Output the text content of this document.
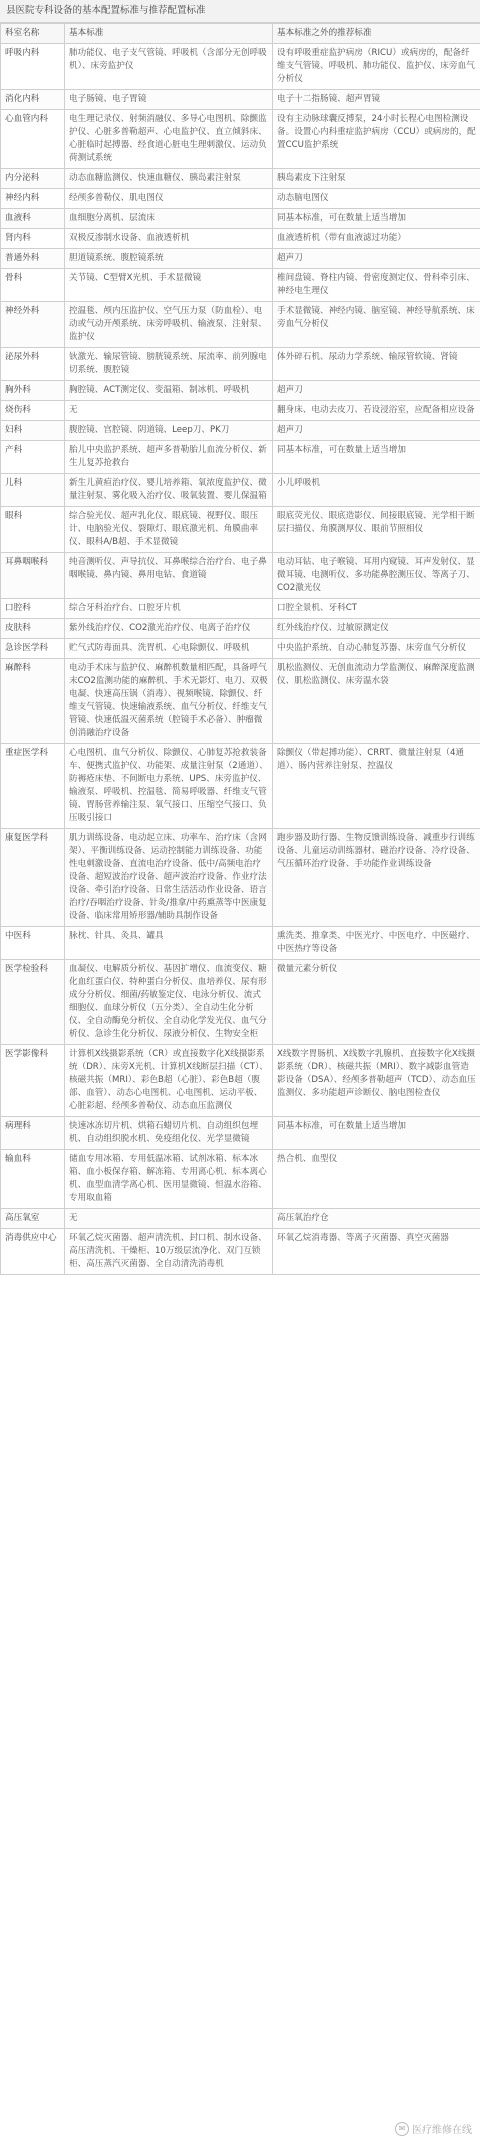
县医院专科设备的基本配置标准与推荐配置标准
科室名称	基本标准	基本标准之外的推荐标准
呼吸内科	肺功能仪、电子支气管镜、呼吸机（含部分无创呼吸机）、床旁监护仪	设有呼吸重症监护病房（RICU）或病房的，配备纤维支气管镜、呼吸机、肺功能仪、监护仪、床旁血气分析仪
消化内科	电子肠镜、电子胃镜	电子十二指肠镜、超声胃镜
心血管内科	电生理记录仪、射频消融仪、多导心电图机、除颤监护仪、心脏多普勒超声、心电监护仪、直立倾斜床、心脏临时起搏器、经食道心脏电生理刺激仪、运动负荷测试系统	设有主动脉球囊反搏泵，24小时长程心电图检测设备。设置心内科重症监护病房（CCU）或病房的，配置CCU监护系统
内分泌科	动态血糖监测仪、快速血糖仪、胰岛素注射泵	胰岛素皮下注射泵
神经内科	经颅多普勒仪、肌电图仪	动态脑电图仪
血液科	血细胞分离机、层流床	同基本标准，可在数量上适当增加
肾内科	双极反渗制水设备、血液透析机	血液透析机（带有血液滤过功能）
普通外科	胆道镜系统、腹腔镜系统	超声刀
骨科	关节镜、C型臂X光机、手术显微镜	椎间盘镜、脊柱内镜、骨密度测定仪、骨科牵引床、神经电生理仪
神经外科	控温毯、颅内压监护仪、空气压力泵（防血栓）、电动或气动开颅系统、床旁呼吸机、输液泵、注射泵、监护仪	手术显微镜、神经内镜、脑室镜、神经导航系统、床旁血气分析仪
泌尿外科	钬激光、输尿管镜、膀胱镜系统、尿流率、前列腺电切系统、腹腔镜	体外碎石机、尿动力学系统、输尿管软镜、肾镜
胸外科	胸腔镜、ACT测定仪、变温箱、制冰机、呼吸机	超声刀
烧伤科	无	翻身床、电动去皮刀、若设浸浴室，应配备相应设备
妇科	腹腔镜、宫腔镜、阴道镜、Leep刀、PK刀	超声刀
产科	胎儿中央监护系统、超声多普勒胎儿血流分析仪、新生儿复苏抢救台	同基本标准，可在数量上适当增加
儿科	新生儿黄疸治疗仪、婴儿培养箱、氧浓度监护仪、微量注射泵、雾化吸入治疗仪、吸氧装置、婴儿保温箱	小儿呼吸机
眼科	综合验光仪、超声乳化仪、眼底镜、视野仪、眼压计、电脑验光仪、裂隙灯、眼底激光机、角膜曲率仪、眼科A/B超、手术显微镜	眼底荧光仪、眼底造影仪、间接眼底镜、光学相干断层扫描仪、角膜测厚仪、眼前节照相仪
耳鼻咽喉科	纯音测听仪、声导抗仪、耳鼻喉综合治疗台、电子鼻咽喉镜、鼻内镜、鼻用电钻、食道镜	电动耳钻、电子喉镜、耳用内窥镜、耳声发射仪、显微耳镜、电测听仪、多功能鼻腔测压仪、等离子刀、CO2激光仪
口腔科	综合牙科治疗台、口腔牙片机	口腔全景机、牙科CT
皮肤科	紫外线治疗仪、CO2激光治疗仪、电离子治疗仪	红外线治疗仪、过敏原测定仪
急诊医学科	贮气式防毒面具、洗胃机、心电除颤仪、呼吸机	中央监护系统、自动心肺复苏器、床旁血气分析仪
麻醉科	电动手术床与监护仪、麻醉机数量相匹配，具备呼气末CO2监测功能的麻醉机、手术无影灯、电刀、双极电凝、快速高压锅（消毒）、视频喉镜、除颤仪、纤维支气管镜、快速输液系统、血气分析仪、纤维支气管镜、快速低温灭菌系统（腔镜手术必备）、肿瘤微创消融治疗设备	肌松监测仪、无创血流动力学监测仪、麻醉深度监测仪、肌松监测仪、床旁温水袋
重症医学科	心电图机、血气分析仪、除颤仪、心肺复苏抢救装备车、便携式监护仪、功能架、成量注射泵（2通道）、防褥疮床垫、不间断电力系统、UPS、床旁监护仪、输液泵、呼吸机、控温毯、简易呼吸器、纤维支气管镜、胃肠营养输注泵、氧气接口、压缩空气接口、负压吸引接口	除颤仪（带起搏功能）、CRRT、微量注射泵（4通道）、肠内营养注射泵、控温仪
康复医学科	肌力训练设备、电动起立床、功率车、治疗床（含网架）、平衡训练设备、运动控制能力训练设备、功能性电刺激设备、直流电治疗设备、低中/高频电治疗设备、超短波治疗设备、超声波治疗设备、作业疗法设备、牵引治疗设备、日常生活活动作业设备、语言治疗/吞咽治疗设备、针灸/推拿/中药熏蒸等中医康复设备、临床常用矫形器/辅助具制作设备	跑步器及助行器、生物反馈训练设备、减重步行训练设备、儿童运动训练器材、磁治疗设备、冷疗设备、气压循环治疗设备、手功能作业训练设备
中医科	脉枕、针具、灸具、罐具	熏洗类、推拿类、中医光疗、中医电疗、中医磁疗、中医热疗等设备
医学检验科	血凝仪、电解质分析仪、基因扩增仪、血流变仪、糖化血红蛋白仪、特种蛋白分析仪、血培养仪、尿有形成分分析仪、细菌/药敏鉴定仪、电泳分析仪、流式细胞仪、血球分析仪（五分类）、全自动生化分析仪、全自动酶免分析仪、全自动化学发光仪、血气分析仪、急诊生化分析仪、尿液分析仪、生物安全柜	微量元素分析仪
医学影像科	计算机X线摄影系统（CR）或直接数字化X线摄影系统（DR）、床旁X光机、计算机X线断层扫描（CT）、核磁共振（MRI）、彩色B超（心脏）、彩色B超（腹部、血管）、动态心电图机、心电图机、运动平板、心脏彩超、经颅多普勒仪、动态血压监测仪	X线数字胃肠机、X线数字乳腺机、直接数字化X线摄影系统（DR）、核磁共振（MRI）、数字减影血管造影设备（DSA）、经颅多普勒超声（TCD）、动态血压监测仪、多功能超声诊断仪、脑电图检查仪
病理科	快速冰冻切片机、烘箱石蜡切片机、自动组织包埋机、自动组织脱水机、免疫组化仪、光学显微镜	同基本标准，可在数量上适当增加
输血科	储血专用冰箱、专用低温冰箱、试剂冰箱、标本冰箱、血小板保存箱、解冻箱、专用离心机、标本离心机、血型血清学离心机、医用显微镜、恒温水浴箱、专用取血箱	热合机、血型仪
高压氧室	无	高压氧治疗仓
消毒供应中心	环氧乙烷灭菌器、超声清洗机、封口机、制水设备、高压清洗机、干燥柜、10万级层流净化、双门互锁柜、高压蒸汽灭菌器、全自动清洗消毒机	环氧乙烷消毒器、等离子灭菌器、真空灭菌器
✉ 医疗维修在线
